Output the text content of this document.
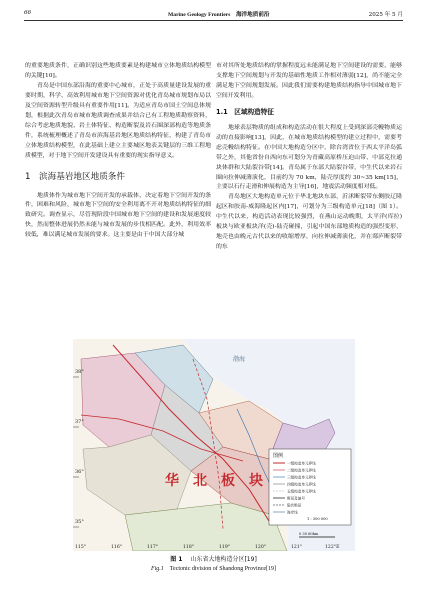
66	Marine Geology Frontiers　海洋地质前沿	2025 年 5 月

的重要地质条件，正确识别这些地质要素是构建城市立体地质结构模型的关键[10]。

青岛是中国东部沿海的重要中心城市，正处于高质量建设发展的重要时期，科学、高效利用城市地下空间资源对优化青岛城市规划布局以及空间资源转型升级具有重要作用[11]。为适应青岛市国土空间总体规划，根据此次青岛市城市地质调查成果并结合已有工程地质勘察资料，综合考虑地质地貌、岩土体特征、构造断裂及岩石圈深部构造等地质条件，系统梳理概述了青岛市滨海基岩地区地质结构特征，构建了青岛市立体地质结构模型，在此基础上建立主要城区地表关键层的三维工程地质模型，对于地下空间开发建设具有重要的现实指导意义。

1　滨海基岩地区地质条件

地质体作为城市地下空间开发的承载体，决定着地下空间开发的条件，困难和风险，城市地下空间的安全利用离不开对地质结构特征的细致研究。调查显示，尽管现阶段中国城市地下空间的建设和发展速度较快，然而整体进展仍然未能与城市发展的步伐相匹配。此外，利用效率较低，难以满足城市发展的要求。这主要是由于中国大部分城

市对其所处地质结构的掌握程度远未能满足地下空间建设的需要，能够支撑地下空间规划与开发的基础性地质工作相对薄弱[12]，尚不能完全满足地下空间规划发展。因此我们需要构建地质结构指导中国城市地下空间开发利用。

1.1　区域构造特征

地球表层物质的组成和构造活动在很大程度上受到深部壳幔物质运动的直接影响[13]，因此，在城市地质结构模型的建立过程中，需要考虑壳幔结构特征。在中国大地构造分区中，除台湾省位于西太平洋岛弧带之外，其他省份自西向东可划分为青藏高原桥压迫山带、中部克拉通块体群和大陆裂谷带[14]。青岛属于东部大陆裂谷带，中生代以来岩石圈向拉伸减薄演化，目前约为 70 km，陆壳厚度约 30~35 km[15]，主要以石行走滑和伸展构造为主导[16]，地震活动频度相对低。

青岛地区大地构造单元位于华北地块东部，沂沭断裂带东侧胶辽隆起区和胶南-威海隆起区内[17]，可划分为三级构造单元[18]（图 1）。中生代以来，构造活动表现比较强烈，在燕山运动晚期，太平洋(库拉)板块与欧亚板块洋(壳)-陆壳碰撞，引起中国东部地质构造的强烈变形，地壳也由晚元古代以来的收缩增厚，向拉伸减薄演化，并在郯庐断裂带的东

38°
37°
36°
35°
华　北　板　块
渤海
图例
一级构造单元界线
二级构造单元界线
三级构造单元界线
四级构造单元界线
五级构造单元界线
断层及编号
隐伏断层
海岸线
1 : 300 000
0 30 60km
115°	116°	117°	118°	119°	120°	121°	122°E
图 1 山东省大地构造分区[19]
Fig.1 Tectonic division of Shandong Province[19]
